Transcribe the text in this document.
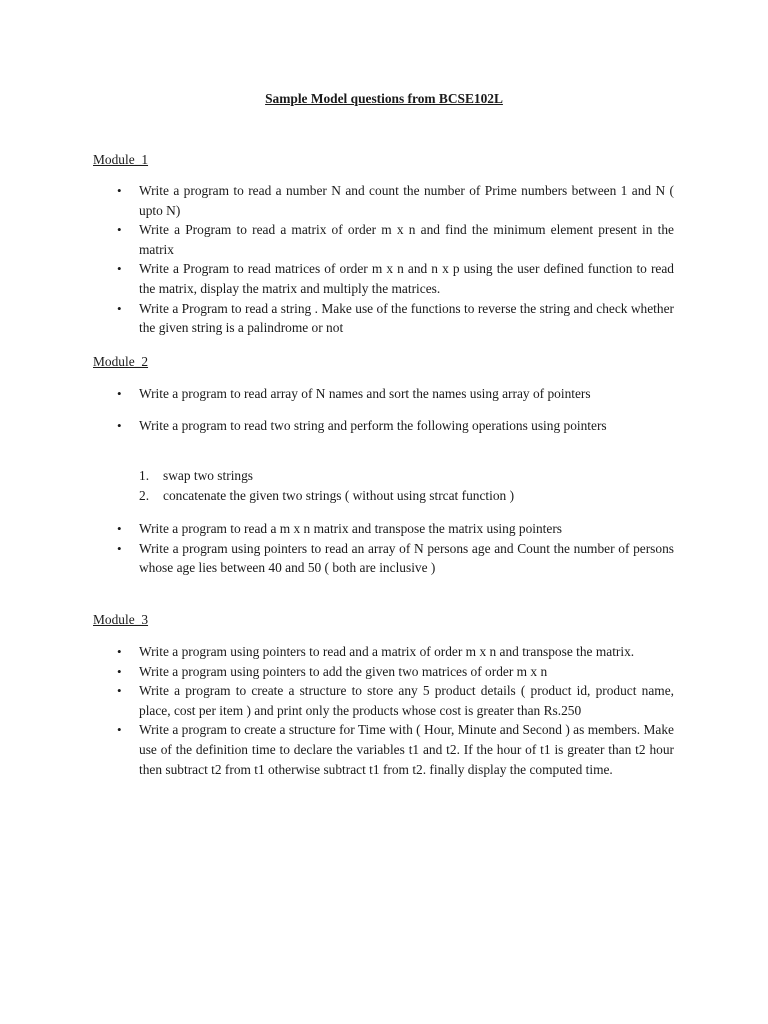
Sample Model questions from BCSE102L
Module_1
• Write a program to read a number N and count the number of Prime numbers between 1 and N ( upto N)
• Write a Program to read a matrix of order m x n and find the minimum element present in the matrix
• Write a Program to read matrices of order m x n and n x p using the user defined function to read the matrix, display the matrix and multiply the matrices.
• Write a Program to read a string . Make use of the functions to reverse the string and check whether the given string is a palindrome or not
Module_2
• Write a program to read array of N names and sort the names using array of pointers
• Write a program to read two string and perform the following operations using pointers
1. swap two strings
2. concatenate the given two strings ( without using strcat function )
• Write a program to read a m x n matrix and transpose the matrix using pointers
• Write a program using pointers to read an array of N persons age and Count the number of persons whose age lies between 40 and 50 ( both are inclusive )
Module_3
• Write a program using pointers to read and a matrix of order m x n and transpose the matrix.
• Write a program using pointers to add the given two matrices of order m x n
• Write a program to create a structure to store any 5 product details ( product id, product name, place, cost per item ) and print only the products whose cost is greater than Rs.250
• Write a program to create a structure for Time with ( Hour, Minute and Second ) as members. Make use of the definition time to declare the variables t1 and t2. If the hour of t1 is greater than t2 hour then subtract t2 from t1 otherwise subtract t1 from t2. finally display the computed time.
